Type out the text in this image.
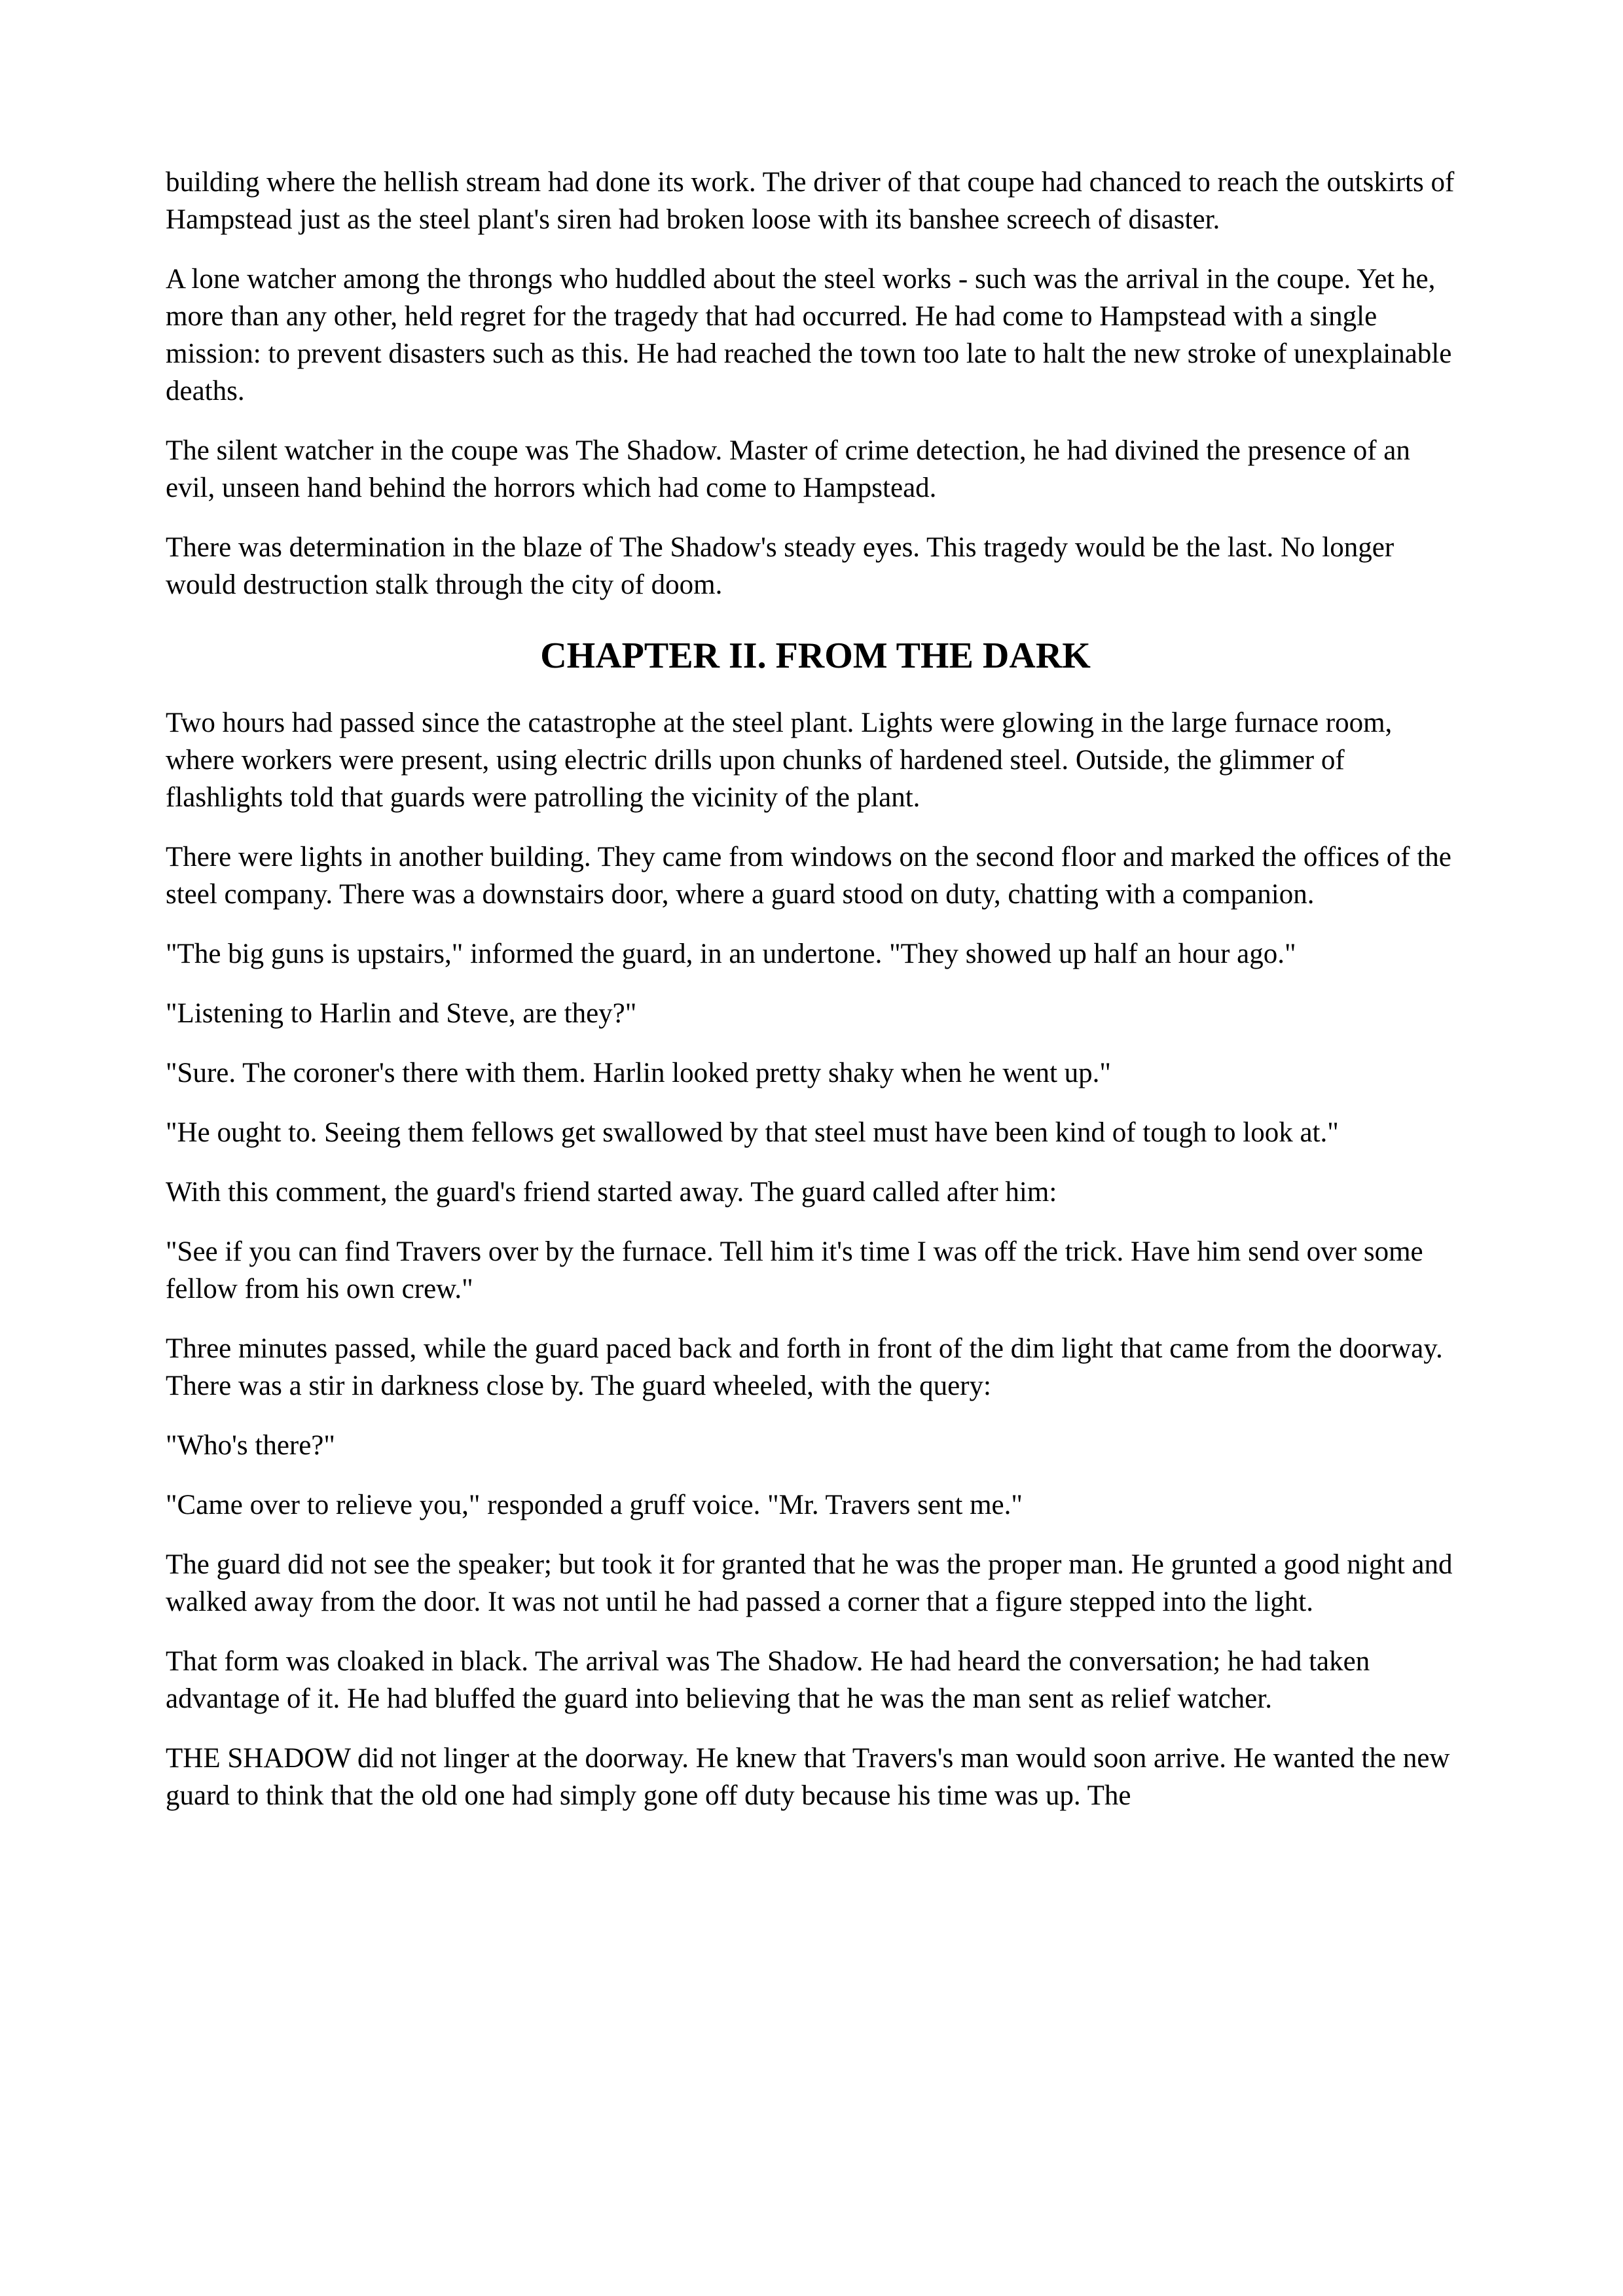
building where the hellish stream had done its work. The driver of that coupe had chanced to reach the outskirts of Hampstead just as the steel plant's siren had broken loose with its banshee screech of disaster.

A lone watcher among the throngs who huddled about the steel works - such was the arrival in the coupe. Yet he, more than any other, held regret for the tragedy that had occurred. He had come to Hampstead with a single mission: to prevent disasters such as this. He had reached the town too late to halt the new stroke of unexplainable deaths.

The silent watcher in the coupe was The Shadow. Master of crime detection, he had divined the presence of an evil, unseen hand behind the horrors which had come to Hampstead.

There was determination in the blaze of The Shadow's steady eyes. This tragedy would be the last. No longer would destruction stalk through the city of doom.

CHAPTER II. FROM THE DARK

Two hours had passed since the catastrophe at the steel plant. Lights were glowing in the large furnace room, where workers were present, using electric drills upon chunks of hardened steel. Outside, the glimmer of flashlights told that guards were patrolling the vicinity of the plant.

There were lights in another building. They came from windows on the second floor and marked the offices of the steel company. There was a downstairs door, where a guard stood on duty, chatting with a companion.

"The big guns is upstairs," informed the guard, in an undertone. "They showed up half an hour ago."

"Listening to Harlin and Steve, are they?"

"Sure. The coroner's there with them. Harlin looked pretty shaky when he went up."

"He ought to. Seeing them fellows get swallowed by that steel must have been kind of tough to look at."

With this comment, the guard's friend started away. The guard called after him:

"See if you can find Travers over by the furnace. Tell him it's time I was off the trick. Have him send over some fellow from his own crew."

Three minutes passed, while the guard paced back and forth in front of the dim light that came from the doorway. There was a stir in darkness close by. The guard wheeled, with the query:

"Who's there?"

"Came over to relieve you," responded a gruff voice. "Mr. Travers sent me."

The guard did not see the speaker; but took it for granted that he was the proper man. He grunted a good night and walked away from the door. It was not until he had passed a corner that a figure stepped into the light.

That form was cloaked in black. The arrival was The Shadow. He had heard the conversation; he had taken advantage of it. He had bluffed the guard into believing that he was the man sent as relief watcher.

THE SHADOW did not linger at the doorway. He knew that Travers's man would soon arrive. He wanted the new guard to think that the old one had simply gone off duty because his time was up. The
